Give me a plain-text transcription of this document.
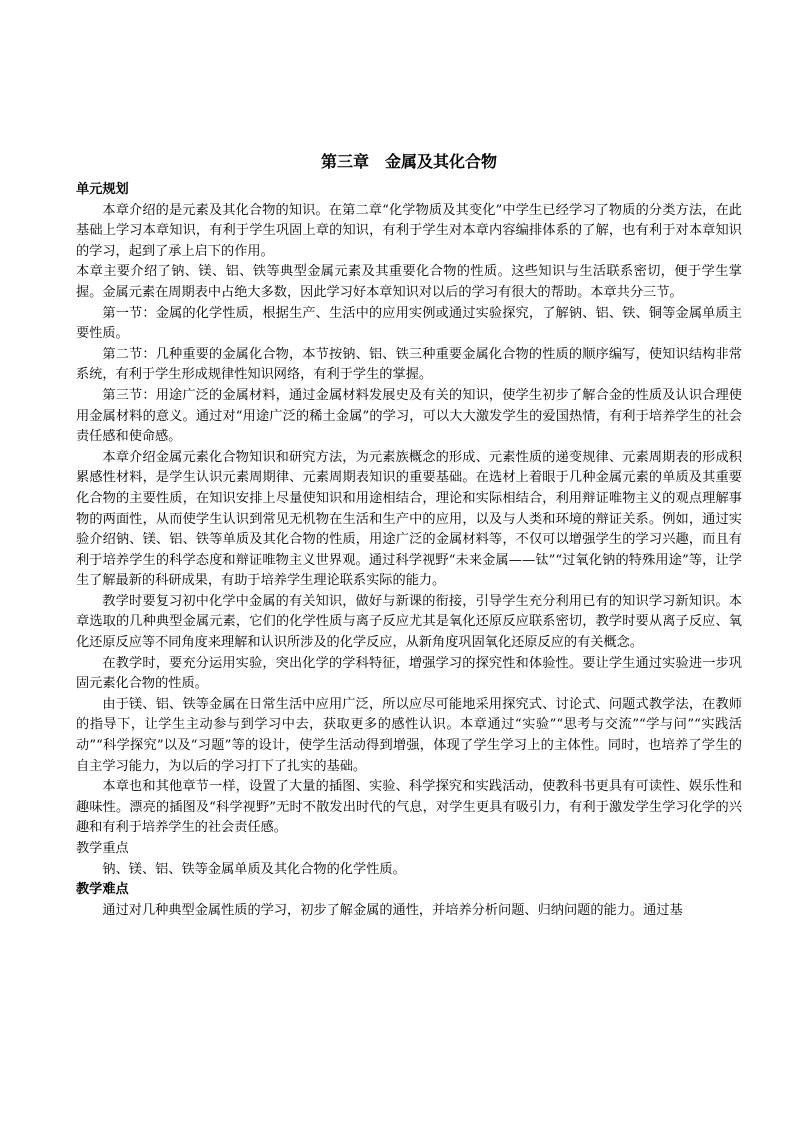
第三章　金属及其化合物
单元规划

本章介绍的是元素及其化合物的知识。在第二章“化学物质及其变化”中学生已经学习了物质的分类方法，在此基础上学习本章知识，有利于学生巩固上章的知识，有利于学生对本章内容编排体系的了解，也有利于对本章知识的学习，起到了承上启下的作用。

本章主要介绍了钠、镁、铝、铁等典型金属元素及其重要化合物的性质。这些知识与生活联系密切，便于学生掌握。金属元素在周期表中占绝大多数，因此学习好本章知识对以后的学习有很大的帮助。本章共分三节。

第一节：金属的化学性质，根据生产、生活中的应用实例或通过实验探究，了解钠、铝、铁、铜等金属单质主要性质。

第二节：几种重要的金属化合物，本节按钠、铝、铁三种重要金属化合物的性质的顺序编写，使知识结构非常系统，有利于学生形成规律性知识网络，有利于学生的掌握。

第三节：用途广泛的金属材料，通过金属材料发展史及有关的知识，使学生初步了解合金的性质及认识合理使用金属材料的意义。通过对“用途广泛的稀土金属”的学习，可以大大激发学生的爱国热情，有利于培养学生的社会责任感和使命感。

本章介绍金属元素化合物知识和研究方法，为元素族概念的形成、元素性质的递变规律、元素周期表的形成积累感性材料，是学生认识元素周期律、元素周期表知识的重要基础。在选材上着眼于几种金属元素的单质及其重要化合物的主要性质，在知识安排上尽量使知识和用途相结合，理论和实际相结合，利用辩证唯物主义的观点理解事物的两面性，从而使学生认识到常见无机物在生活和生产中的应用，以及与人类和环境的辩证关系。例如，通过实验介绍钠、镁、铝、铁等单质及其化合物的性质，用途广泛的金属材料等，不仅可以增强学生的学习兴趣，而且有利于培养学生的科学态度和辩证唯物主义世界观。通过科学视野“未来金属——钛”“过氧化钠的特殊用途”等，让学生了解最新的科研成果，有助于培养学生理论联系实际的能力。

教学时要复习初中化学中金属的有关知识，做好与新课的衔接，引导学生充分利用已有的知识学习新知识。本章选取的几种典型金属元素，它们的化学性质与离子反应尤其是氧化还原反应联系密切，教学时要从离子反应、氧化还原反应等不同角度来理解和认识所涉及的化学反应，从新角度巩固氧化还原反应的有关概念。

在教学时，要充分运用实验，突出化学的学科特征，增强学习的探究性和体验性。要让学生通过实验进一步巩固元素化合物的性质。

由于镁、铝、铁等金属在日常生活中应用广泛，所以应尽可能地采用探究式、讨论式、问题式教学法，在教师的指导下，让学生主动参与到学习中去，获取更多的感性认识。本章通过“实验”“思考与交流”“学与问”“实践活动”“科学探究”以及“习题”等的设计，使学生活动得到增强，体现了学生学习上的主体性。同时，也培养了学生的自主学习能力，为以后的学习打下了扎实的基础。

本章也和其他章节一样，设置了大量的插图、实验、科学探究和实践活动，使教科书更具有可读性、娱乐性和趣味性。漂亮的插图及“科学视野”无时不散发出时代的气息，对学生更具有吸引力，有利于激发学生学习化学的兴趣和有利于培养学生的社会责任感。

教学重点

钠、镁、铝、铁等金属单质及其化合物的化学性质。

教学难点

通过对几种典型金属性质的学习，初步了解金属的通性，并培养分析问题、归纳问题的能力。通过基
